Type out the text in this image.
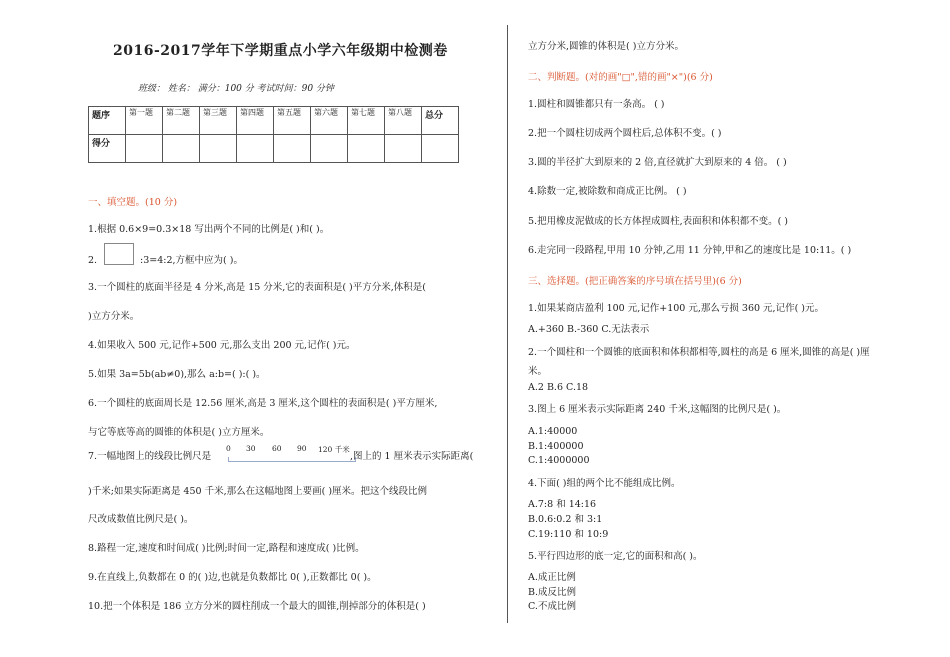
2016-2017学年下学期重点小学六年级期中检测卷
班级： 姓名： 满分：100 分 考试时间：90 分钟
题序	第一题	第二题	第三题	第四题	第五题	第六题	第七题	第八题	总分
得分									
一、填空题。(10 分)
1.根据 0.6×9=0.3×18 写出两个不同的比例是( )和( )。
2.	:3=4:2,方框中应为( )。
3.一个圆柱的底面半径是 4 分米,高是 15 分米,它的表面积是( )平方分米,体积是(
)立方分米。
4.如果收入 500 元,记作+500 元,那么支出 200 元,记作( )元。
5.如果 3a=5b(ab≠0),那么 a:b=( ):( )。
6.一个圆柱的底面周长是 12.56 厘米,高是 3 厘米,这个圆柱的表面积是( )平方厘米,
与它等底等高的圆锥的体积是( )立方厘米。
7.一幅地图上的线段比例尺是
0 30 60 90 120 千米
,图上的 1 厘米表示实际距离(
)千米;如果实际距离是 450 千米,那么在这幅地图上要画( )厘米。把这个线段比例
尺改成数值比例尺是( )。
8.路程一定,速度和时间成( )比例;时间一定,路程和速度成( )比例。
9.在直线上,负数都在 0 的( )边,也就是负数都比 0( ),正数都比 0( )。
10.把一个体积是 186 立方分米的圆柱削成一个最大的圆锥,削掉部分的体积是( )
立方分米,圆锥的体积是( )立方分米。
二、判断题。(对的画"□",错的画"×")(6 分)
1.圆柱和圆锥都只有一条高。 ( )
2.把一个圆柱切成两个圆柱后,总体积不变。( )
3.圆的半径扩大到原来的 2 倍,直径就扩大到原来的 4 倍。 ( )
4.除数一定,被除数和商成正比例。 ( )
5.把用橡皮泥做成的长方体捏成圆柱,表面积和体积都不变。( )
6.走完同一段路程,甲用 10 分钟,乙用 11 分钟,甲和乙的速度比是 10:11。( )
三、选择题。(把正确答案的序号填在括号里)(6 分)
1.如果某商店盈利 100 元,记作+100 元,那么亏损 360 元,记作( )元。
A.+360 B.-360 C.无法表示
2.一个圆柱和一个圆锥的底面积和体积都相等,圆柱的高是 6 厘米,圆锥的高是( )厘
米。
A.2 B.6 C.18
3.图上 6 厘米表示实际距离 240 千米,这幅图的比例尺是( )。
A.1:40000
B.1:400000
C.1:4000000
4.下面( )组的两个比不能组成比例。
A.7:8 和 14:16
B.0.6:0.2 和 3:1
C.19:110 和 10:9
5.平行四边形的底一定,它的面积和高( )。
A.成正比例
B.成反比例
C.不成比例
